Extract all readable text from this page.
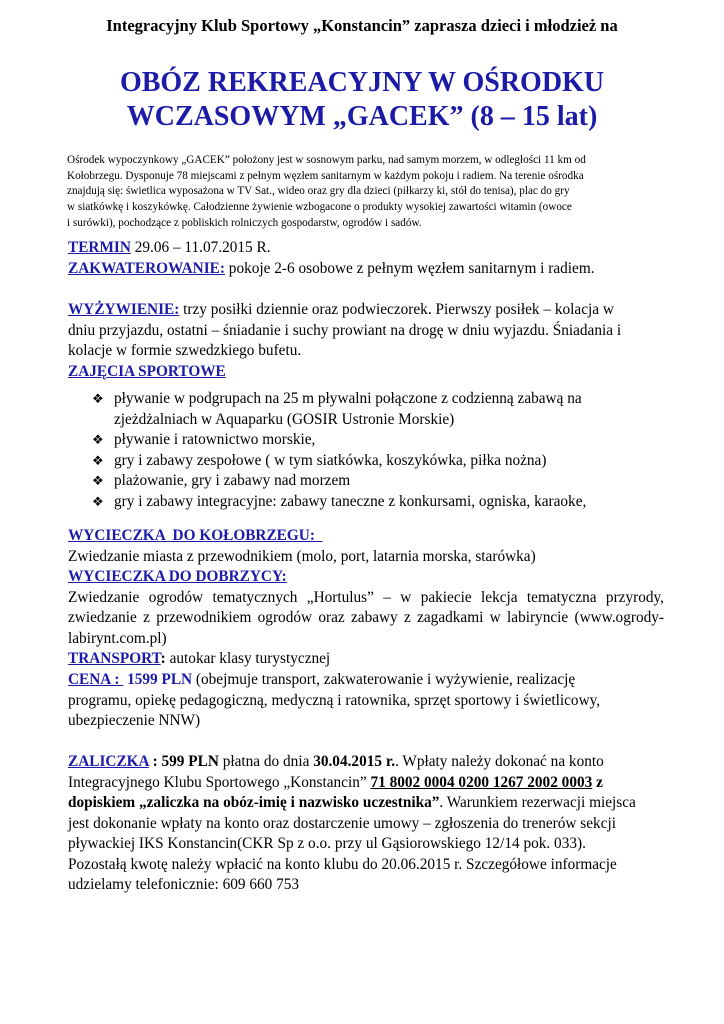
Integracyjny Klub Sportowy „Konstancin” zaprasza dzieci i młodzież na
OBÓZ REKREACYJNY W OŚRODKU
WCZASOWYM „GACEK” (8 – 15 lat)
Ośrodek wypoczynkowy „GACEK” położony jest w sosnowym parku, nad samym morzem, w odległości 11 km od
Kołobrzegu. Dysponuje 78 miejscami z pełnym węzłem sanitarnym w każdym pokoju i radiem. Na terenie ośrodka
znajdują się: świetlica wyposażona w TV Sat., wideo oraz gry dla dzieci (piłkarzy ki, stół do tenisa), plac do gry
w siatkówkę i koszykówkę. Całodzienne żywienie wzbogacone o produkty wysokiej zawartości witamin (owoce
i surówki), pochodzące z pobliskich rolniczych gospodarstw, ogrodów i sadów.
TERMIN 29.06 – 11.07.2015 R.
ZAKWATEROWANIE: pokoje 2-6 osobowe z pełnym węzłem sanitarnym i radiem.
WYŻYWIENIE: trzy posiłki dziennie oraz podwieczorek. Pierwszy posiłek – kolacja w dniu przyjazdu, ostatni – śniadanie i suchy prowiant na drogę w dniu wyjazdu. Śniadania i kolacje w formie szwedzkiego bufetu.
ZAJĘCIA SPORTOWE
❖ pływanie w podgrupach na 25 m pływalni połączone z codzienną zabawą na zjeżdżalniach w Aquaparku (GOSIR Ustronie Morskie)
❖ pływanie i ratownictwo morskie,
❖ gry i zabawy zespołowe ( w tym siatkówka, koszykówka, piłka nożna)
❖ plażowanie, gry i zabawy nad morzem
❖ gry i zabawy integracyjne: zabawy taneczne z konkursami, ogniska, karaoke,
WYCIECZKA  DO KOŁOBRZEGU:
Zwiedzanie miasta z przewodnikiem (molo, port, latarnia morska, starówka)
WYCIECZKA DO DOBRZYCY:
Zwiedzanie ogrodów tematycznych „Hortulus” – w pakiecie lekcja tematyczna przyrody, zwiedzanie z przewodnikiem ogrodów oraz zabawy z zagadkami w labiryncie (www.ogrody-labirynt.com.pl)
TRANSPORT: autokar klasy turystycznej
CENA :  1599 PLN (obejmuje transport, zakwaterowanie i wyżywienie, realizację programu, opiekę pedagogiczną, medyczną i ratownika, sprzęt sportowy i świetlicowy, ubezpieczenie NNW)
ZALICZKA : 599 PLN płatna do dnia 30.04.2015 r.. Wpłaty należy dokonać na konto Integracyjnego Klubu Sportowego „Konstancin” 71 8002 0004 0200 1267 2002 0003 z dopiskiem „zaliczka na obóz-imię i nazwisko uczestnika”. Warunkiem rezerwacji miejsca jest dokonanie wpłaty na konto oraz dostarczenie umowy – zgłoszenia do trenerów sekcji pływackiej IKS Konstancin(CKR Sp z o.o. przy ul Gąsiorowskiego 12/14 pok. 033). Pozostałą kwotę należy wpłacić na konto klubu do 20.06.2015 r. Szczegółowe informacje udzielamy telefonicznie: 609 660 753
